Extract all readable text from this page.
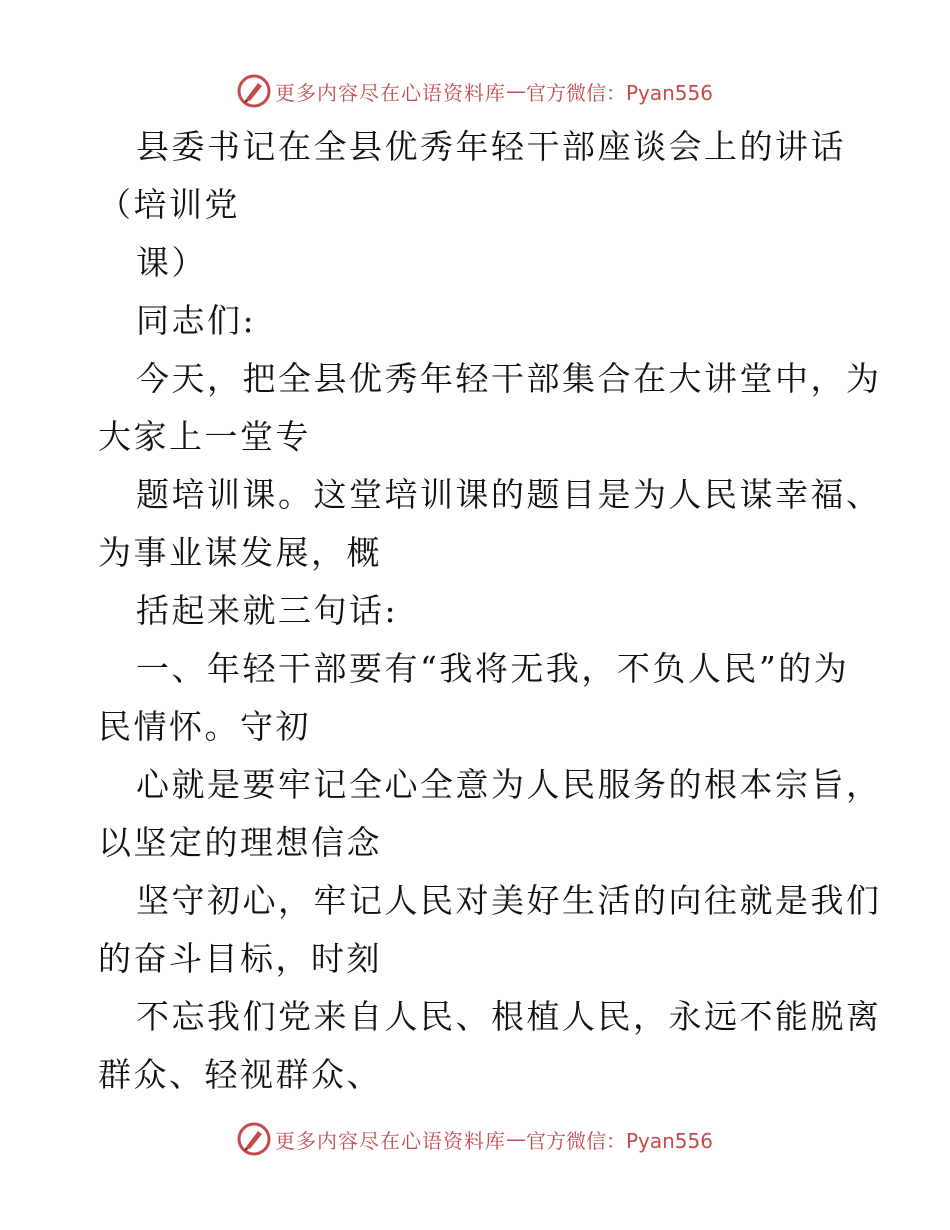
更多内容尽在心语资料库 — 官方微信：Pyan556
县委书记在全县优秀年轻干部座谈会上的讲话
（培训党
课）
同志们:
今天，把全县优秀年轻干部集合在大讲堂中，为
大家上一堂专
题培训课。这堂培训课的题目是为人民谋幸福、
为事业谋发展，概
括起来就三句话:
一、年轻干部要有“我将无我，不负人民”的为
民情怀。守初
心就是要牢记全心全意为人民服务的根本宗旨，
以坚定的理想信念
坚守初心，牢记人民对美好生活的向往就是我们
的奋斗目标，时刻
不忘我们党来自人民、根植人民，永远不能脱离
群众、轻视群众、
更多内容尽在心语资料库 — 官方微信：Pyan556
